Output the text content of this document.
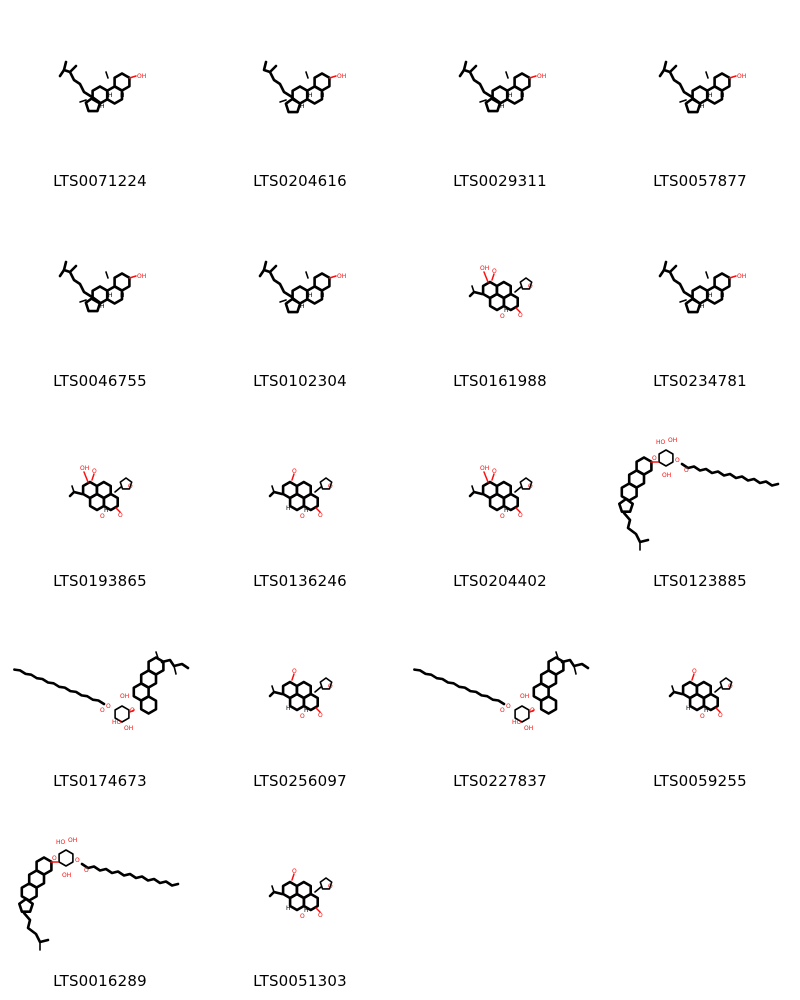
OH
H H
H
·
LTS0071224
OH
H H
H
·
LTS0204616
OH
H H
H
·
LTS0029311
OH
H H
H
·
LTS0057877
OH
H H
H
·
LTS0046755
OH
H H
H
·
LTS0102304
O
O
O
O
OH
H
LTS0161988
OH
H H
H
·
LTS0234781
O
O
O
O
OH
H
LTS0193865
O
O
O
O
H H
LTS0136246
O
O
O
O
OH
H
LTS0204402
O
HO OH
OH
O
O
LTS0123885
O
OH
HO
OH
O
O
LTS0174673
O
O
O
O
H H
LTS0256097
O
OH
HO
OH
O
O
LTS0227837
O
O
O
O
H H
LTS0059255
O
HO OH
OH
O
O
LTS0016289
O
O
O
O
H H
LTS0051303
